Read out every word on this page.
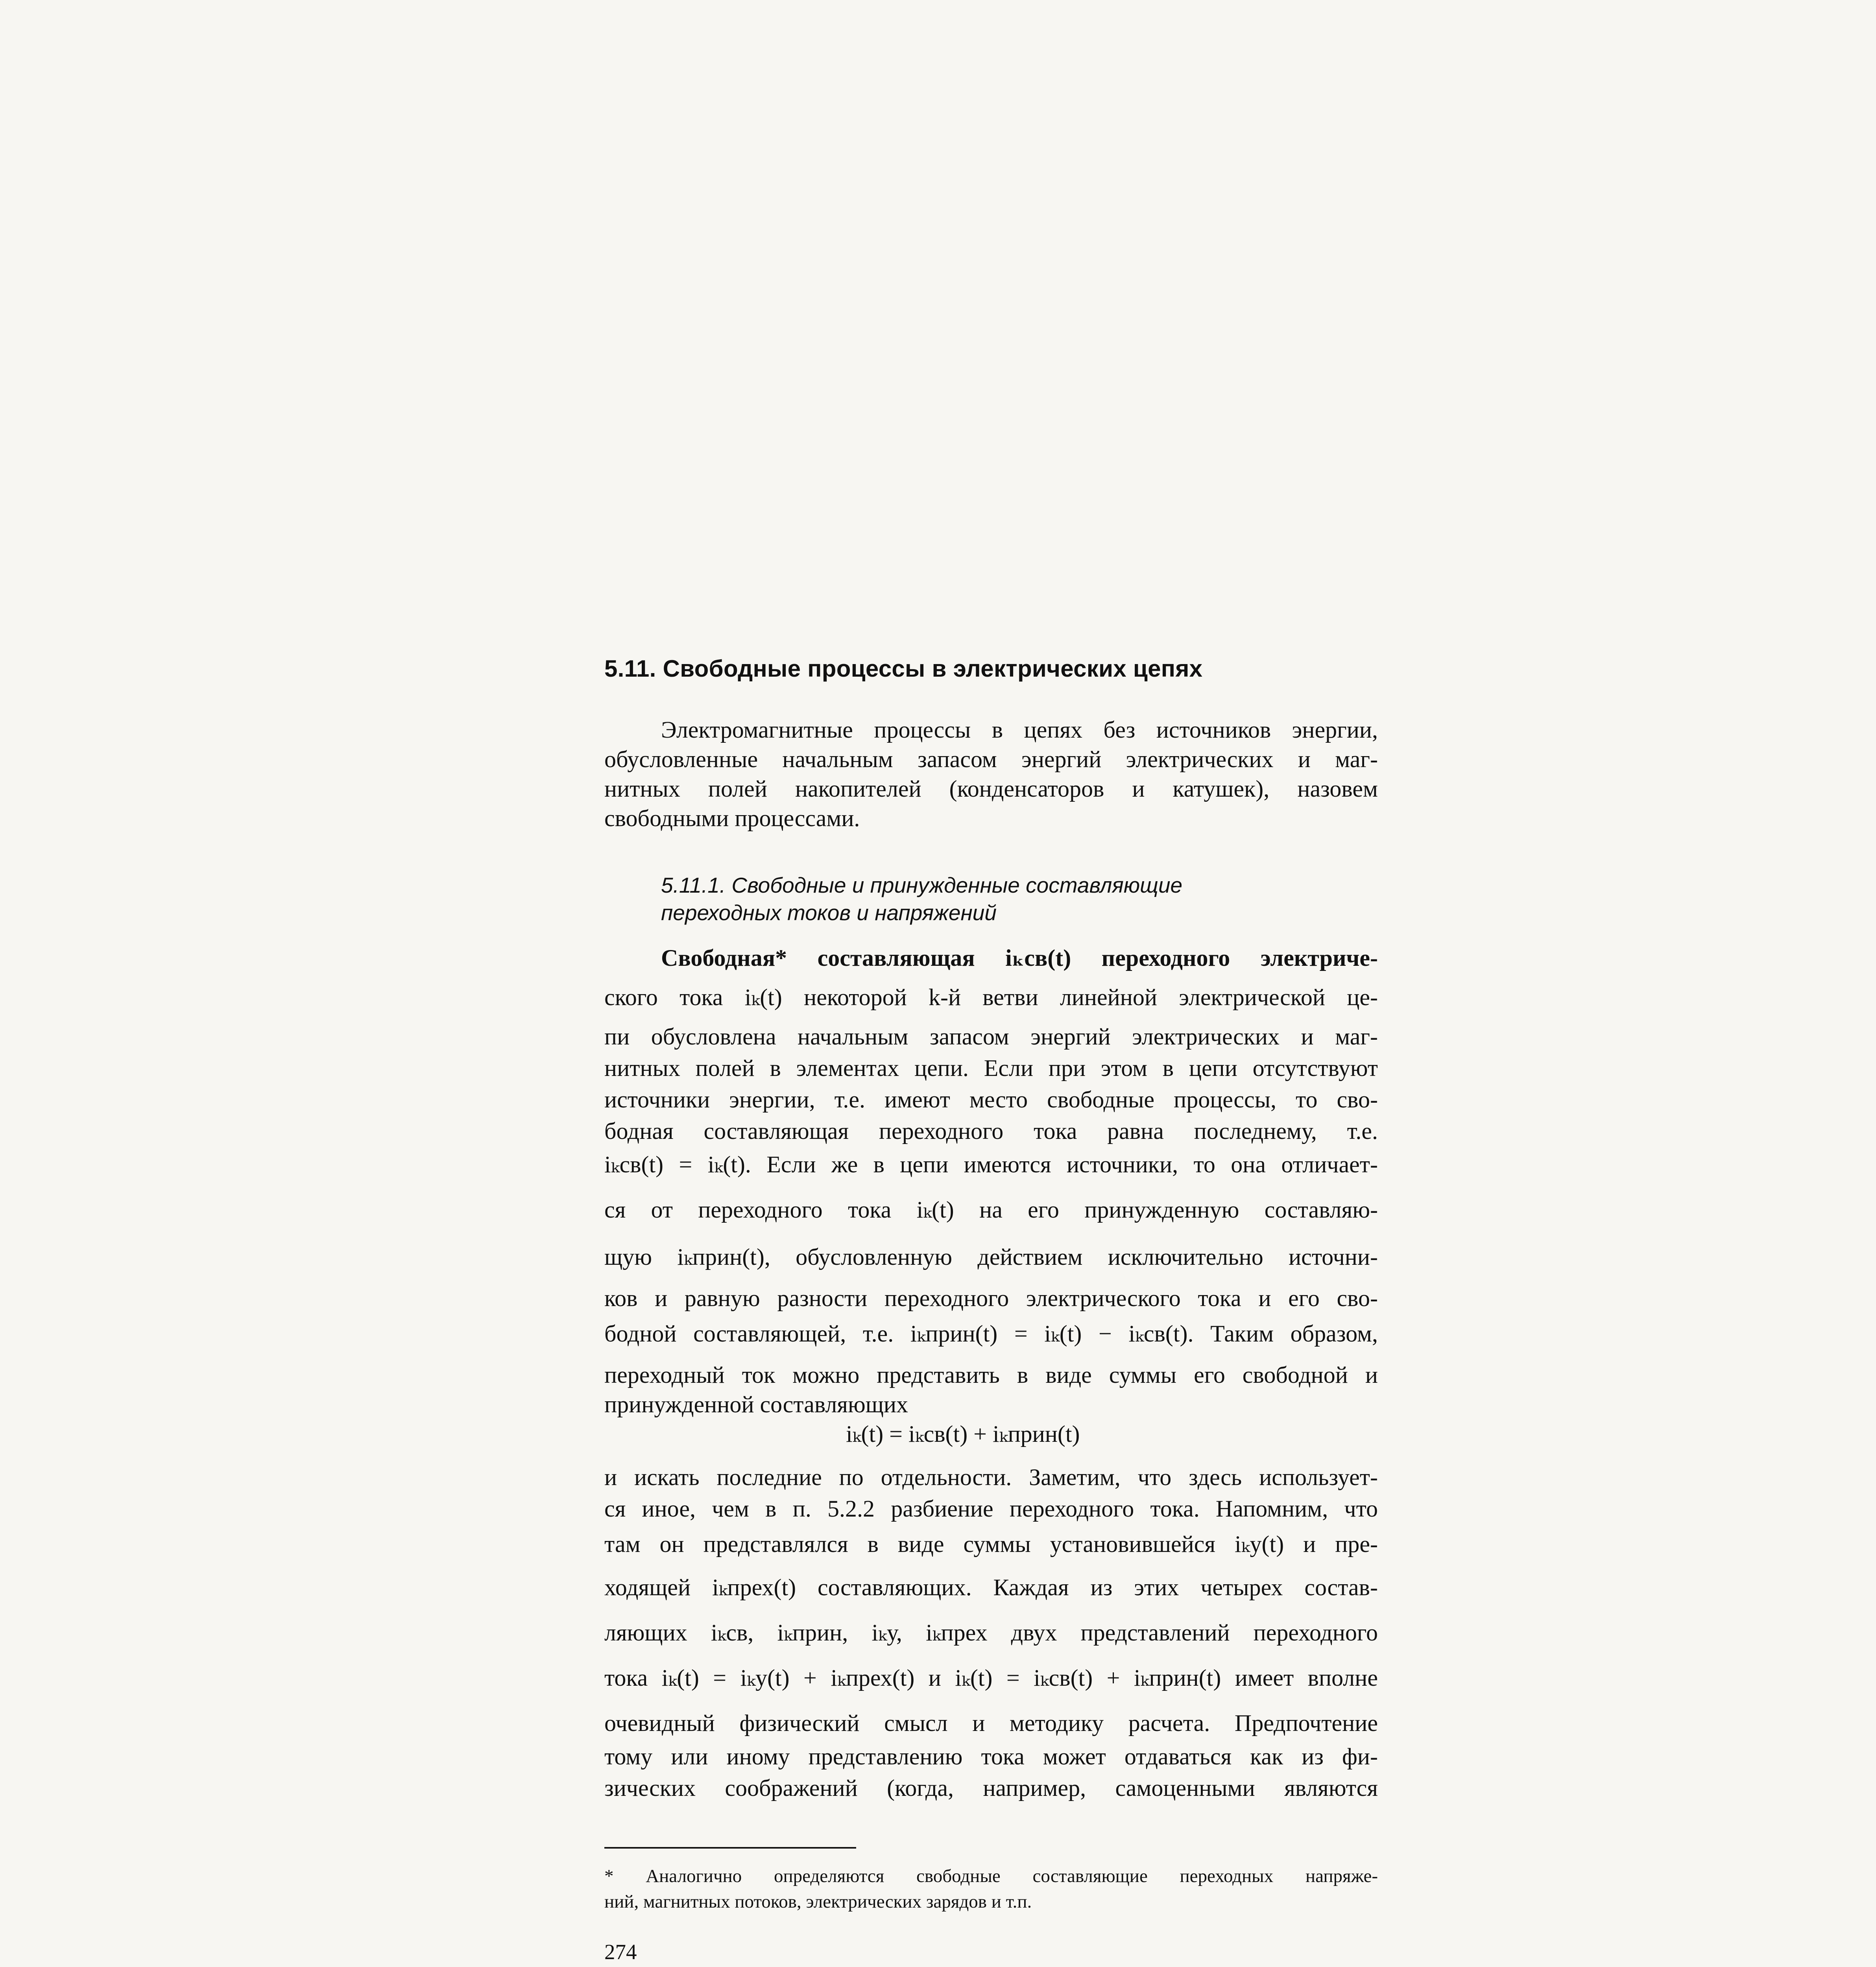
5.11. Свободные процессы в электрических цепях
Электромагнитные процессы в цепях без источников энергии,
обусловленные начальным запасом энергий электрических и маг-
нитных полей накопителей (конденсаторов и катушек), назовем
свободными процессами.
5.11.1. Свободные и принужденные составляющие
переходных токов и напряжений
Свободная* составляющая iₖсв(t) переходного электриче-
ского тока iₖ(t) некоторой k-й ветви линейной электрической це-
пи обусловлена начальным запасом энергий электрических и маг-
нитных полей в элементах цепи. Если при этом в цепи отсутствуют
источники энергии, т.е. имеют место свободные процессы, то сво-
бодная составляющая переходного тока равна последнему, т.е.
iₖсв(t) = iₖ(t). Если же в цепи имеются источники, то она отличает-
ся от переходного тока iₖ(t) на его принужденную составляю-
щую iₖприн(t), обусловленную действием исключительно источни-
ков и равную разности переходного электрического тока и его сво-
бодной составляющей, т.е. iₖприн(t) = iₖ(t) − iₖсв(t). Таким образом,
переходный ток можно представить в виде суммы его свободной и
принужденной составляющих
iₖ(t) = iₖсв(t) + iₖприн(t)
и искать последние по отдельности. Заметим, что здесь использует-
ся иное, чем в п. 5.2.2 разбиение переходного тока. Напомним, что
там он представлялся в виде суммы установившейся iₖу(t) и пре-
ходящей iₖпрех(t) составляющих. Каждая из этих четырех состав-
ляющих iₖсв, iₖприн, iₖу, iₖпрех двух представлений переходного
тока iₖ(t) = iₖу(t) + iₖпрех(t) и iₖ(t) = iₖсв(t) + iₖприн(t) имеет вполне
очевидный физический смысл и методику расчета. Предпочтение
тому или иному представлению тока может отдаваться как из фи-
зических соображений (когда, например, самоценными являются
* Аналогично определяются свободные составляющие переходных напряже-
ний, магнитных потоков, электрических зарядов и т.п.
274
